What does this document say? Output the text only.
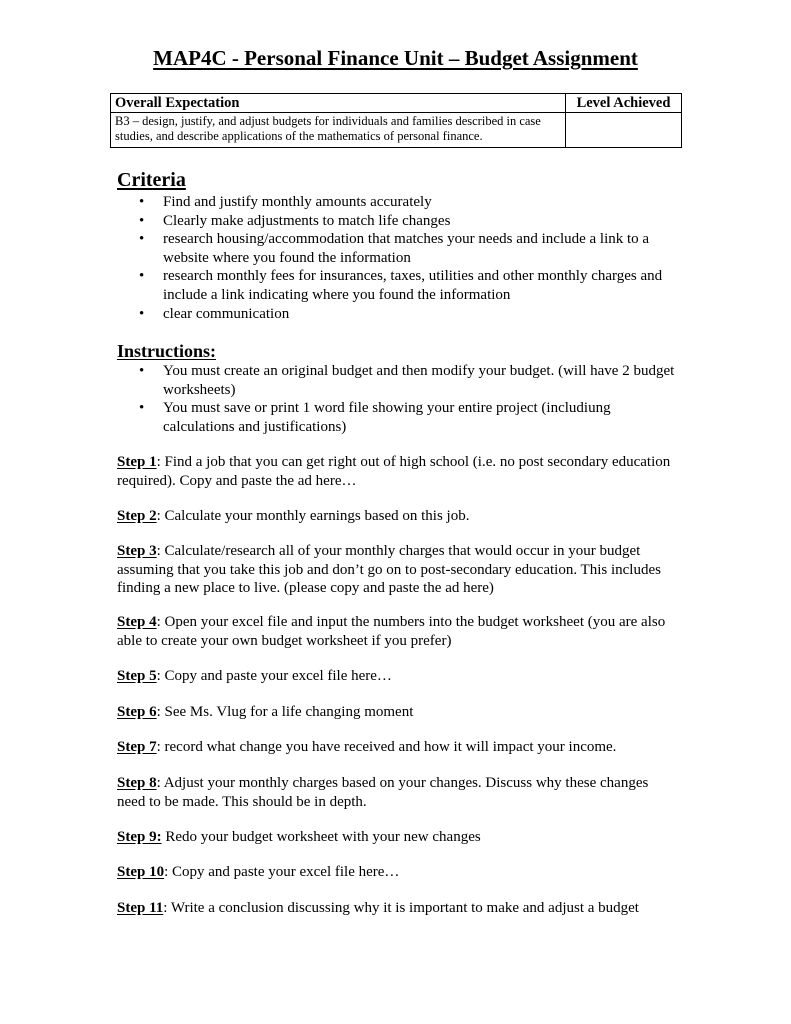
MAP4C - Personal Finance Unit – Budget Assignment
Overall Expectation	Level Achieved
B3 – design, justify, and adjust budgets for individuals and families described in case studies, and describe applications of the mathematics of personal finance.	
Criteria
• Find and justify monthly amounts accurately
• Clearly make adjustments to match life changes
• research housing/accommodation that matches your needs and include a link to a website where you found the information
• research monthly fees for insurances, taxes, utilities and other monthly charges and include a link indicating where you found the information
• clear communication
Instructions:
• You must create an original budget and then modify your budget. (will have 2 budget worksheets)
• You must save or print 1 word file showing your entire project (includiung calculations and justifications)

Step 1: Find a job that you can get right out of high school (i.e. no post secondary education required). Copy and paste the ad here…

Step 2: Calculate your monthly earnings based on this job.

Step 3: Calculate/research all of your monthly charges that would occur in your budget assuming that you take this job and don’t go on to post-secondary education. This includes finding a new place to live. (please copy and paste the ad here)

Step 4: Open your excel file and input the numbers into the budget worksheet (you are also able to create your own budget worksheet if you prefer)

Step 5: Copy and paste your excel file here…

Step 6: See Ms. Vlug for a life changing moment

Step 7: record what change you have received and how it will impact your income.

Step 8: Adjust your monthly charges based on your changes. Discuss why these changes need to be made. This should be in depth.

Step 9: Redo your budget worksheet with your new changes

Step 10: Copy and paste your excel file here…

Step 11: Write a conclusion discussing why it is important to make and adjust a budget
